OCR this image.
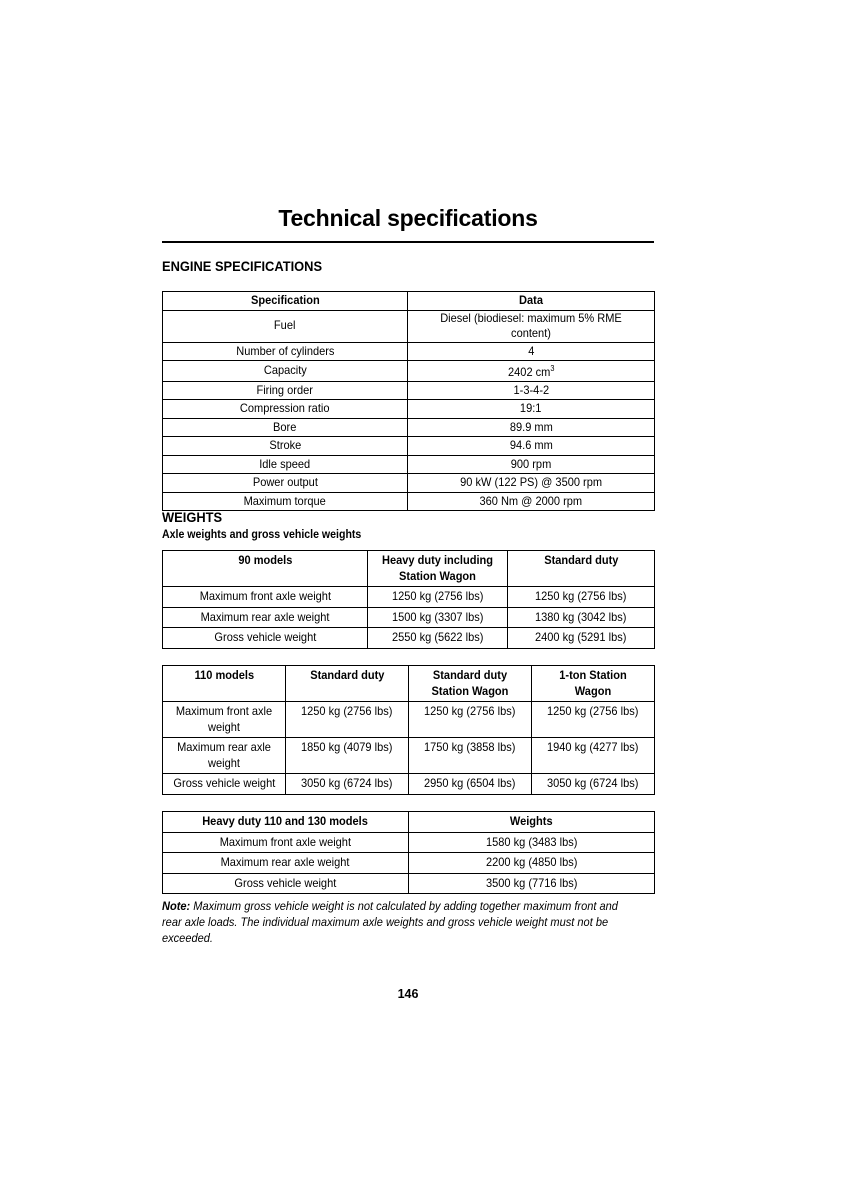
Technical specifications
ENGINE SPECIFICATIONS
Specification	Data
Fuel	Diesel (biodiesel: maximum 5% RME content)
Number of cylinders	4
Capacity	2402 $cm^3$
Firing order	1-3-4-2
Compression ratio	19:1
Bore	89.9 mm
Stroke	94.6 mm
Idle speed	900 rpm
Power output	90 kW (122 PS) @ 3500 rpm
Maximum torque	360 Nm @ 2000 rpm
WEIGHTS
Axle weights and gross vehicle weights
90 models	Heavy duty including Station Wagon	Standard duty
Maximum front axle weight	1250 kg (2756 lbs)	1250 kg (2756 lbs)
Maximum rear axle weight	1500 kg (3307 lbs)	1380 kg (3042 lbs)
Gross vehicle weight	2550 kg (5622 lbs)	2400 kg (5291 lbs)
110 models	Standard duty	Standard duty Station Wagon	1-ton Station Wagon
Maximum front axle weight	1250 kg (2756 lbs)	1250 kg (2756 lbs)	1250 kg (2756 lbs)
Maximum rear axle weight	1850 kg (4079 lbs)	1750 kg (3858 lbs)	1940 kg (4277 lbs)
Gross vehicle weight	3050 kg (6724 lbs)	2950 kg (6504 lbs)	3050 kg (6724 lbs)
Heavy duty 110 and 130 models	Weights
Maximum front axle weight	1580 kg (3483 lbs)
Maximum rear axle weight	2200 kg (4850 lbs)
Gross vehicle weight	3500 kg (7716 lbs)
Note: Maximum gross vehicle weight is not calculated by adding together maximum front and rear axle loads. The individual maximum axle weights and gross vehicle weight must not be exceeded.
146
